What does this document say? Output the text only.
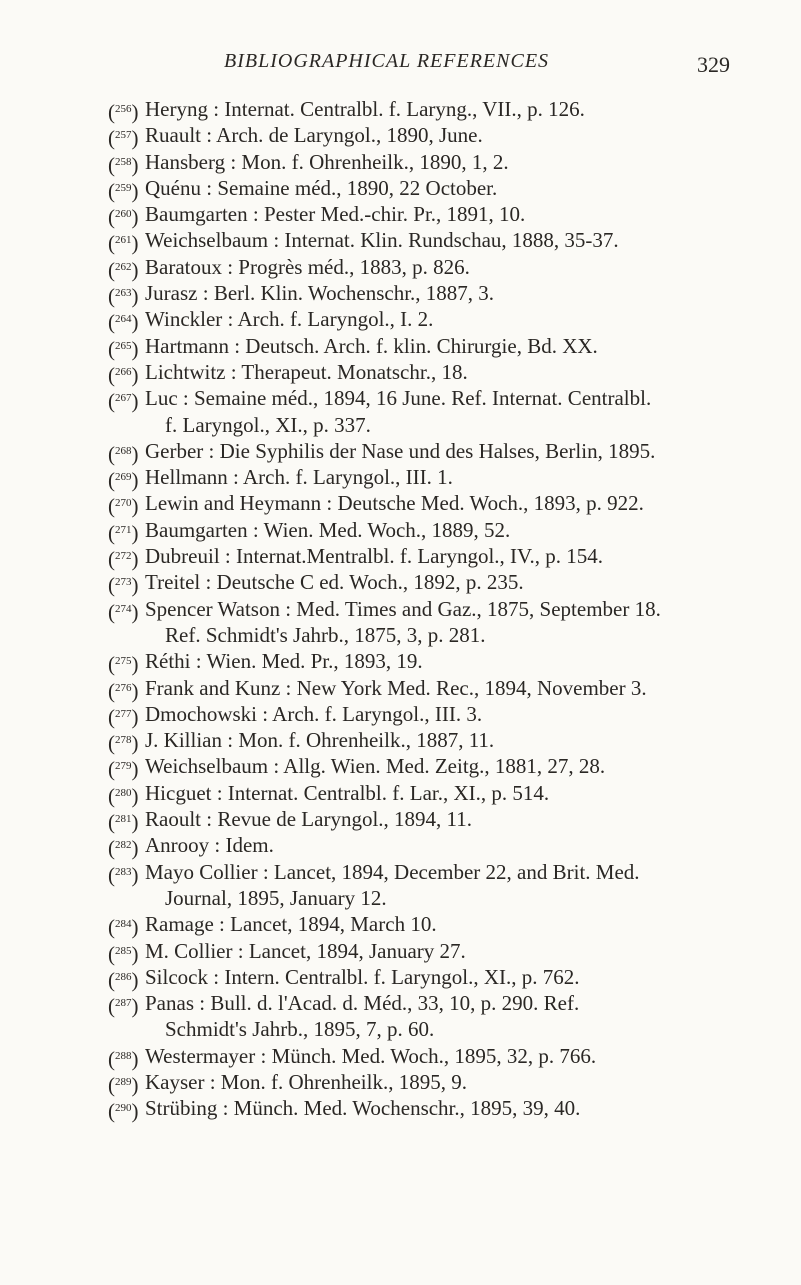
BIBLIOGRAPHICAL REFERENCES	329
($^{256}$) Heryng : Internat. Centralbl. f. Laryng., VII., p. 126.
($^{257}$) Ruault : Arch. de Laryngol., 1890, June.
($^{258}$) Hansberg : Mon. f. Ohrenheilk., 1890, 1, 2.
($^{259}$) Quénu : Semaine méd., 1890, 22 October.
($^{260}$) Baumgarten : Pester Med.-chir. Pr., 1891, 10.
($^{261}$) Weichselbaum : Internat. Klin. Rundschau, 1888, 35-37.
($^{262}$) Baratoux : Progrès méd., 1883, p. 826.
($^{263}$) Jurasz : Berl. Klin. Wochenschr., 1887, 3.
($^{264}$) Winckler : Arch. f. Laryngol., I. 2.
($^{265}$) Hartmann : Deutsch. Arch. f. klin. Chirurgie, Bd. XX.
($^{266}$) Lichtwitz : Therapeut. Monatschr., 18.
($^{267}$) Luc : Semaine méd., 1894, 16 June. Ref. Internat. Centralbl.
f. Laryngol., XI., p. 337.
($^{268}$) Gerber : Die Syphilis der Nase und des Halses, Berlin, 1895.
($^{269}$) Hellmann : Arch. f. Laryngol., III. 1.
($^{270}$) Lewin and Heymann : Deutsche Med. Woch., 1893, p. 922.
($^{271}$) Baumgarten : Wien. Med. Woch., 1889, 52.
($^{272}$) Dubreuil : Internat.Mentralbl. f. Laryngol., IV., p. 154.
($^{273}$) Treitel : Deutsche C ed. Woch., 1892, p. 235.
($^{274}$) Spencer Watson : Med. Times and Gaz., 1875, September 18.
Ref. Schmidt's Jahrb., 1875, 3, p. 281.
($^{275}$) Réthi : Wien. Med. Pr., 1893, 19.
($^{276}$) Frank and Kunz : New York Med. Rec., 1894, November 3.
($^{277}$) Dmochowski : Arch. f. Laryngol., III. 3.
($^{278}$) J. Killian : Mon. f. Ohrenheilk., 1887, 11.
($^{279}$) Weichselbaum : Allg. Wien. Med. Zeitg., 1881, 27, 28.
($^{280}$) Hicguet : Internat. Centralbl. f. Lar., XI., p. 514.
($^{281}$) Raoult : Revue de Laryngol., 1894, 11.
($^{282}$) Anrooy : Idem.
($^{283}$) Mayo Collier : Lancet, 1894, December 22, and Brit. Med.
Journal, 1895, January 12.
($^{284}$) Ramage : Lancet, 1894, March 10.
($^{285}$) M. Collier : Lancet, 1894, January 27.
($^{286}$) Silcock : Intern. Centralbl. f. Laryngol., XI., p. 762.
($^{287}$) Panas : Bull. d. l'Acad. d. Méd., 33, 10, p. 290. Ref.
Schmidt's Jahrb., 1895, 7, p. 60.
($^{288}$) Westermayer : Münch. Med. Woch., 1895, 32, p. 766.
($^{289}$) Kayser : Mon. f. Ohrenheilk., 1895, 9.
($^{290}$) Strübing : Münch. Med. Wochenschr., 1895, 39, 40.
